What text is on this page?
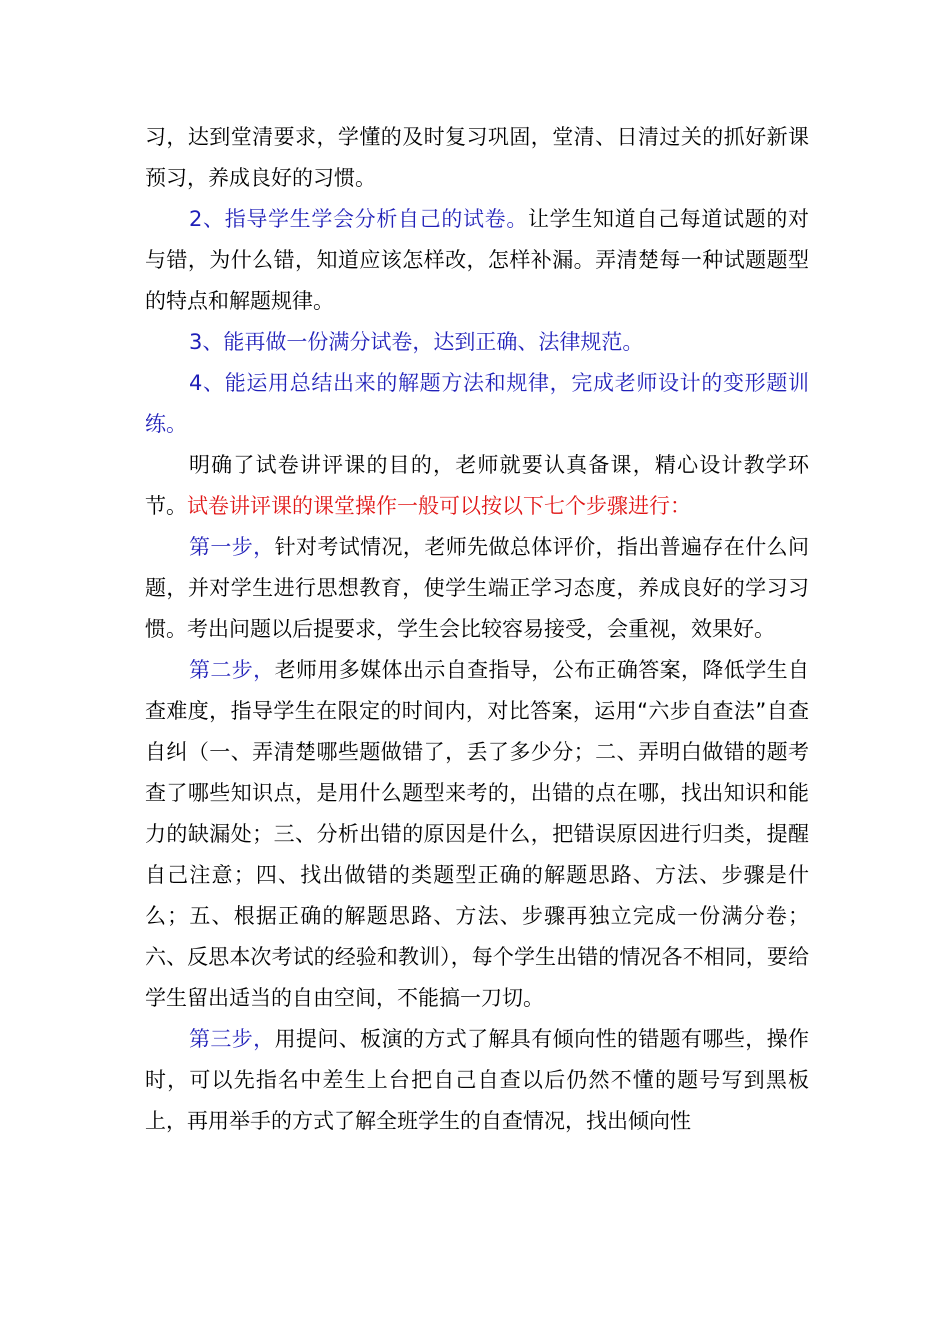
习，达到堂清要求，学懂的及时复习巩固，堂清、日清过关的抓好新课预习，养成良好的习惯。

2、指导学生学会分析自己的试卷。让学生知道自己每道试题的对与错，为什么错，知道应该怎样改，怎样补漏。弄清楚每一种试题题型的特点和解题规律。

3、能再做一份满分试卷，达到正确、法律规范。

4、能运用总结出来的解题方法和规律，完成老师设计的变形题训练。

明确了试卷讲评课的目的，老师就要认真备课，精心设计教学环节。试卷讲评课的课堂操作一般可以按以下七个步骤进行：

第一步，针对考试情况，老师先做总体评价，指出普遍存在什么问题，并对学生进行思想教育，使学生端正学习态度，养成良好的学习习惯。考出问题以后提要求，学生会比较容易接受，会重视，效果好。

第二步，老师用多媒体出示自查指导，公布正确答案，降低学生自查难度，指导学生在限定的时间内，对比答案，运用“六步自查法”自查自纠（一、弄清楚哪些题做错了，丢了多少分；二、弄明白做错的题考查了哪些知识点，是用什么题型来考的，出错的点在哪，找出知识和能力的缺漏处；三、分析出错的原因是什么，把错误原因进行归类，提醒自己注意；四、找出做错的类题型正确的解题思路、方法、步骤是什么；五、根据正确的解题思路、方法、步骤再独立完成一份满分卷；六、反思本次考试的经验和教训），每个学生出错的情况各不相同，要给学生留出适当的自由空间，不能搞一刀切。

第三步，用提问、板演的方式了解具有倾向性的错题有哪些，操作时，可以先指名中差生上台把自己自查以后仍然不懂的题号写到黑板上，再用举手的方式了解全班学生的自查情况，找出倾向性
